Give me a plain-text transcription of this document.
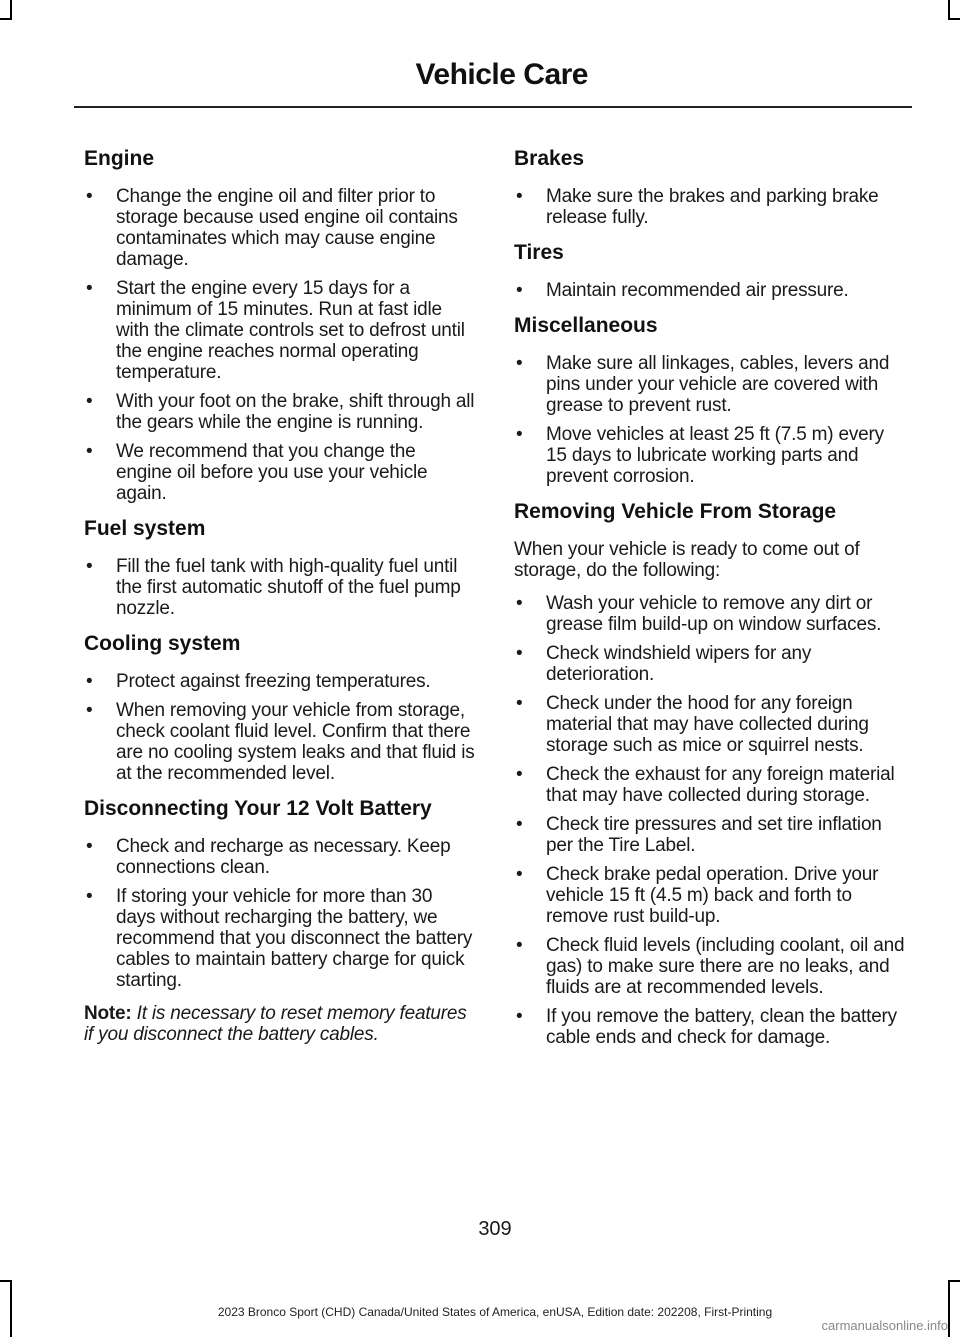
Vehicle Care
Engine
• Change the engine oil and filter prior to storage because used engine oil contains contaminates which may cause engine damage.
• Start the engine every 15 days for a minimum of 15 minutes. Run at fast idle with the climate controls set to defrost until the engine reaches normal operating temperature.
• With your foot on the brake, shift through all the gears while the engine is running.
• We recommend that you change the engine oil before you use your vehicle again.
Fuel system
• Fill the fuel tank with high-quality fuel until the first automatic shutoff of the fuel pump nozzle.
Cooling system
• Protect against freezing temperatures.
• When removing your vehicle from storage, check coolant fluid level. Confirm that there are no cooling system leaks and that fluid is at the recommended level.
Disconnecting Your 12 Volt Battery
• Check and recharge as necessary. Keep connections clean.
• If storing your vehicle for more than 30 days without recharging the battery, we recommend that you disconnect the battery cables to maintain battery charge for quick starting.

Note: It is necessary to reset memory features if you disconnect the battery cables.

Brakes
• Make sure the brakes and parking brake release fully.
Tires
• Maintain recommended air pressure.
Miscellaneous
• Make sure all linkages, cables, levers and pins under your vehicle are covered with grease to prevent rust.
• Move vehicles at least 25 ft (7.5 m) every 15 days to lubricate working parts and prevent corrosion.
Removing Vehicle From Storage

When your vehicle is ready to come out of storage, do the following:

• Wash your vehicle to remove any dirt or grease film build-up on window surfaces.
• Check windshield wipers for any deterioration.
• Check under the hood for any foreign material that may have collected during storage such as mice or squirrel nests.
• Check the exhaust for any foreign material that may have collected during storage.
• Check tire pressures and set tire inflation per the Tire Label.
• Check brake pedal operation. Drive your vehicle 15 ft (4.5 m) back and forth to remove rust build-up.
• Check fluid levels (including coolant, oil and gas) to make sure there are no leaks, and fluids are at recommended levels.
• If you remove the battery, clean the battery cable ends and check for damage.
309
2023 Bronco Sport (CHD) Canada/United States of America, enUSA, Edition date: 202208, First-Printing
carmanualsonline.info
